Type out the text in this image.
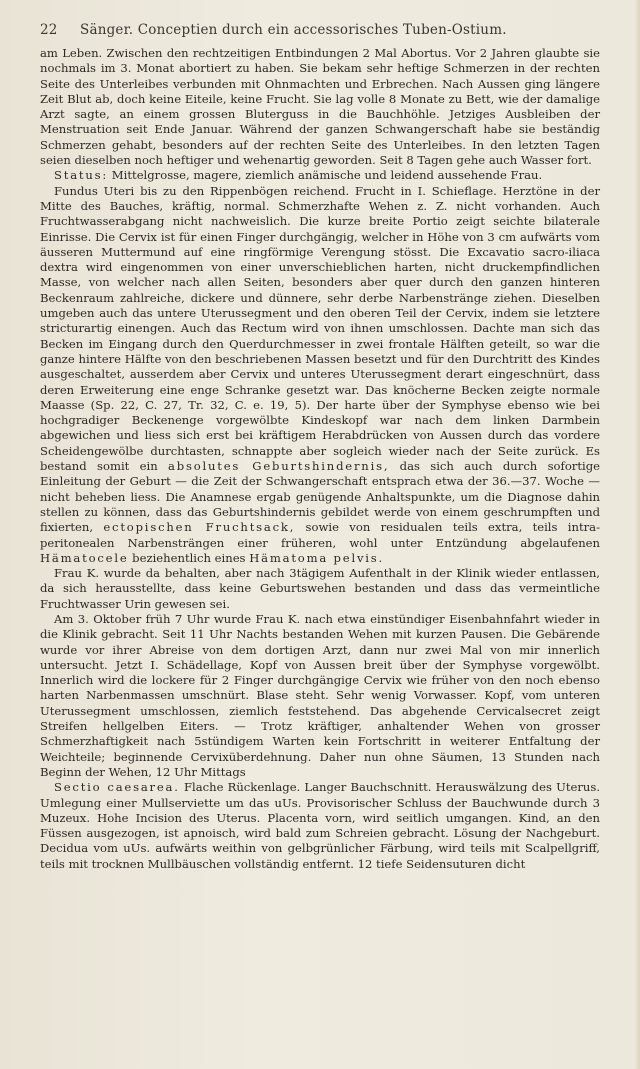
22	Sänger. Conceptien durch ein accessorisches Tuben-Ostium.

am Leben. Zwischen den rechtzeitigen Entbindungen 2 Mal Abortus. Vor 2 Jahren glaubte sie nochmals im 3. Monat abortiert zu haben. Sie bekam sehr heftige Schmerzen in der rechten Seite des Unterleibes verbunden mit Ohnmachten und Erbrechen. Nach Aussen ging längere Zeit Blut ab, doch keine Eiteile, keine Frucht. Sie lag volle 8 Monate zu Bett, wie der damalige Arzt sagte, an einem grossen Bluterguss in die Bauchhöhle. Jetziges Ausbleiben der Menstruation seit Ende Januar. Während der ganzen Schwangerschaft habe sie beständig Schmerzen gehabt, besonders auf der rechten Seite des Unterleibes. In den letzten Tagen seien dieselben noch heftiger und wehenartig geworden. Seit 8 Tagen gehe auch Wasser fort.

Status: Mittelgrosse, magere, ziemlich anämische und leidend aussehende Frau.

Fundus Uteri bis zu den Rippenbögen reichend. Frucht in I. Schieflage. Herztöne in der Mitte des Bauches, kräftig, normal. Schmerzhafte Wehen z. Z. nicht vorhanden. Auch Fruchtwasserabgang nicht nachweislich. Die kurze breite Portio zeigt seichte bilaterale Einrisse. Die Cervix ist für einen Finger durchgängig, welcher in Höhe von 3 cm aufwärts vom äusseren Muttermund auf eine ringförmige Verengung stösst. Die Excavatio sacro-iliaca dextra wird eingenommen von einer unverschieblichen harten, nicht druckempfindlichen Masse, von welcher nach allen Seiten, besonders aber quer durch den ganzen hinteren Beckenraum zahlreiche, dickere und dünnere, sehr derbe Narbenstränge ziehen. Dieselben umgeben auch das untere Uterussegment und den oberen Teil der Cervix, indem sie letztere stricturartig einengen. Auch das Rectum wird von ihnen umschlossen. Dachte man sich das Becken im Eingang durch den Querdurchmesser in zwei frontale Hälften geteilt, so war die ganze hintere Hälfte von den beschriebenen Massen besetzt und für den Durchtritt des Kindes ausgeschaltet, ausserdem aber Cervix und unteres Uterussegment derart eingeschnürt, dass deren Erweiterung eine enge Schranke gesetzt war. Das knöcherne Becken zeigte normale Maasse (Sp. 22, C. 27, Tr. 32, C. e. 19, 5). Der harte über der Symphyse ebenso wie bei hochgradiger Beckenenge vorgewölbte Kindeskopf war nach dem linken Darmbein abgewichen und liess sich erst bei kräftigem Herabdrücken von Aussen durch das vordere Scheidengewölbe durchtasten, schnappte aber sogleich wieder nach der Seite zurück. Es bestand somit ein absolutes Geburtshindernis, das sich auch durch sofortige Einleitung der Geburt — die Zeit der Schwangerschaft entsprach etwa der 36.—37. Woche — nicht beheben liess. Die Anamnese ergab genügende Anhaltspunkte, um die Diagnose dahin stellen zu können, dass das Geburtshindernis gebildet werde von einem geschrumpften und fixierten, ectopischen Fruchtsack, sowie von residualen teils extra, teils intra-peritonealen Narbensträngen einer früheren, wohl unter Entzündung abgelaufenen Hämatocele beziehentlich eines Hämatoma pelvis.

Frau K. wurde da behalten, aber nach 3tägigem Aufenthalt in der Klinik wieder entlassen, da sich herausstellte, dass keine Geburtswehen bestanden und dass das vermeintliche Fruchtwasser Urin gewesen sei.

Am 3. Oktober früh 7 Uhr wurde Frau K. nach etwa einstündiger Eisenbahnfahrt wieder in die Klinik gebracht. Seit 11 Uhr Nachts bestanden Wehen mit kurzen Pausen. Die Gebärende wurde vor ihrer Abreise von dem dortigen Arzt, dann nur zwei Mal von mir innerlich untersucht. Jetzt I. Schädellage, Kopf von Aussen breit über der Symphyse vorgewölbt. Innerlich wird die lockere für 2 Finger durchgängige Cervix wie früher von den noch ebenso harten Narbenmassen umschnürt. Blase steht. Sehr wenig Vorwasser. Kopf, vom unteren Uterussegment umschlossen, ziemlich feststehend. Das abgehende Cervicalsecret zeigt Streifen hellgelben Eiters. — Trotz kräftiger, anhaltender Wehen von grosser Schmerzhaftigkeit nach 5stündigem Warten kein Fortschritt in weiterer Entfaltung der Weichteile; beginnende Cervixüberdehnung. Daher nun ohne Säumen, 13 Stunden nach Beginn der Wehen, 12 Uhr Mittags

Sectio caesarea. Flache Rückenlage. Langer Bauchschnitt. Herauswälzung des Uterus. Umlegung einer Mullserviette um das uUs. Provisorischer Schluss der Bauchwunde durch 3 Muzeux. Hohe Incision des Uterus. Placenta vorn, wird seitlich umgangen. Kind, an den Füssen ausgezogen, ist apnoisch, wird bald zum Schreien gebracht. Lösung der Nachgeburt. Decidua vom uUs. aufwärts weithin von gelbgrünlicher Färbung, wird teils mit Scalpellgriff, teils mit trocknen Mullbäuschen vollständig entfernt. 12 tiefe Seidensuturen dicht
